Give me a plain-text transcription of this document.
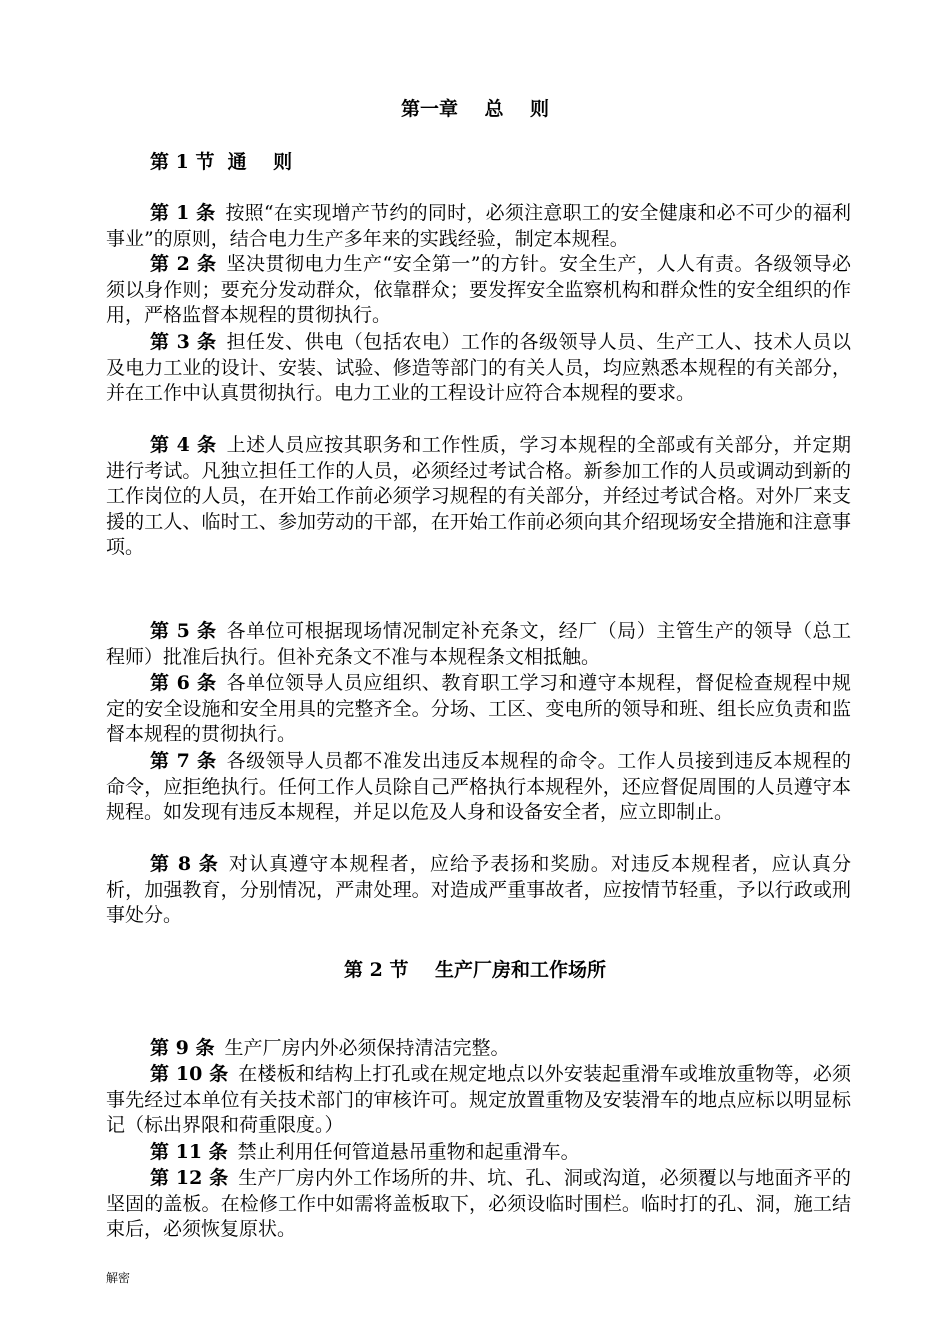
第一章    总    则
第 1 节  通    则

第 1 条 按照“在实现增产节约的同时，必须注意职工的安全健康和必不可少的福利事业”的原则，结合电力生产多年来的实践经验，制定本规程。

第 2 条 坚决贯彻电力生产“安全第一”的方针。安全生产，人人有责。各级领导必须以身作则；要充分发动群众，依靠群众；要发挥安全监察机构和群众性的安全组织的作用，严格监督本规程的贯彻执行。

第 3 条 担任发、供电（包括农电）工作的各级领导人员、生产工人、技术人员以及电力工业的设计、安装、试验、修造等部门的有关人员，均应熟悉本规程的有关部分，并在工作中认真贯彻执行。电力工业的工程设计应符合本规程的要求。

第 4 条 上述人员应按其职务和工作性质，学习本规程的全部或有关部分，并定期进行考试。凡独立担任工作的人员，必须经过考试合格。新参加工作的人员或调动到新的工作岗位的人员，在开始工作前必须学习规程的有关部分，并经过考试合格。对外厂来支援的工人、临时工、参加劳动的干部，在开始工作前必须向其介绍现场安全措施和注意事项。

第 5 条 各单位可根据现场情况制定补充条文，经厂（局）主管生产的领导（总工程师）批准后执行。但补充条文不准与本规程条文相抵触。

第 6 条 各单位领导人员应组织、教育职工学习和遵守本规程，督促检查规程中规定的安全设施和安全用具的完整齐全。分场、工区、变电所的领导和班、组长应负责和监督本规程的贯彻执行。

第 7 条 各级领导人员都不准发出违反本规程的命令。工作人员接到违反本规程的命令，应拒绝执行。任何工作人员除自己严格执行本规程外，还应督促周围的人员遵守本规程。如发现有违反本规程，并足以危及人身和设备安全者，应立即制止。

第 8 条 对认真遵守本规程者，应给予表扬和奖励。对违反本规程者，应认真分析，加强教育，分别情况，严肃处理。对造成严重事故者，应按情节轻重，予以行政或刑事处分。

第 2 节    生产厂房和工作场所

第 9 条 生产厂房内外必须保持清洁完整。

第 10 条 在楼板和结构上打孔或在规定地点以外安装起重滑车或堆放重物等，必须事先经过本单位有关技术部门的审核许可。规定放置重物及安装滑车的地点应标以明显标记（标出界限和荷重限度。）

第 11 条 禁止利用任何管道悬吊重物和起重滑车。

第 12 条 生产厂房内外工作场所的井、坑、孔、洞或沟道，必须覆以与地面齐平的坚固的盖板。在检修工作中如需将盖板取下，必须设临时围栏。临时打的孔、洞，施工结束后，必须恢复原状。

解密
